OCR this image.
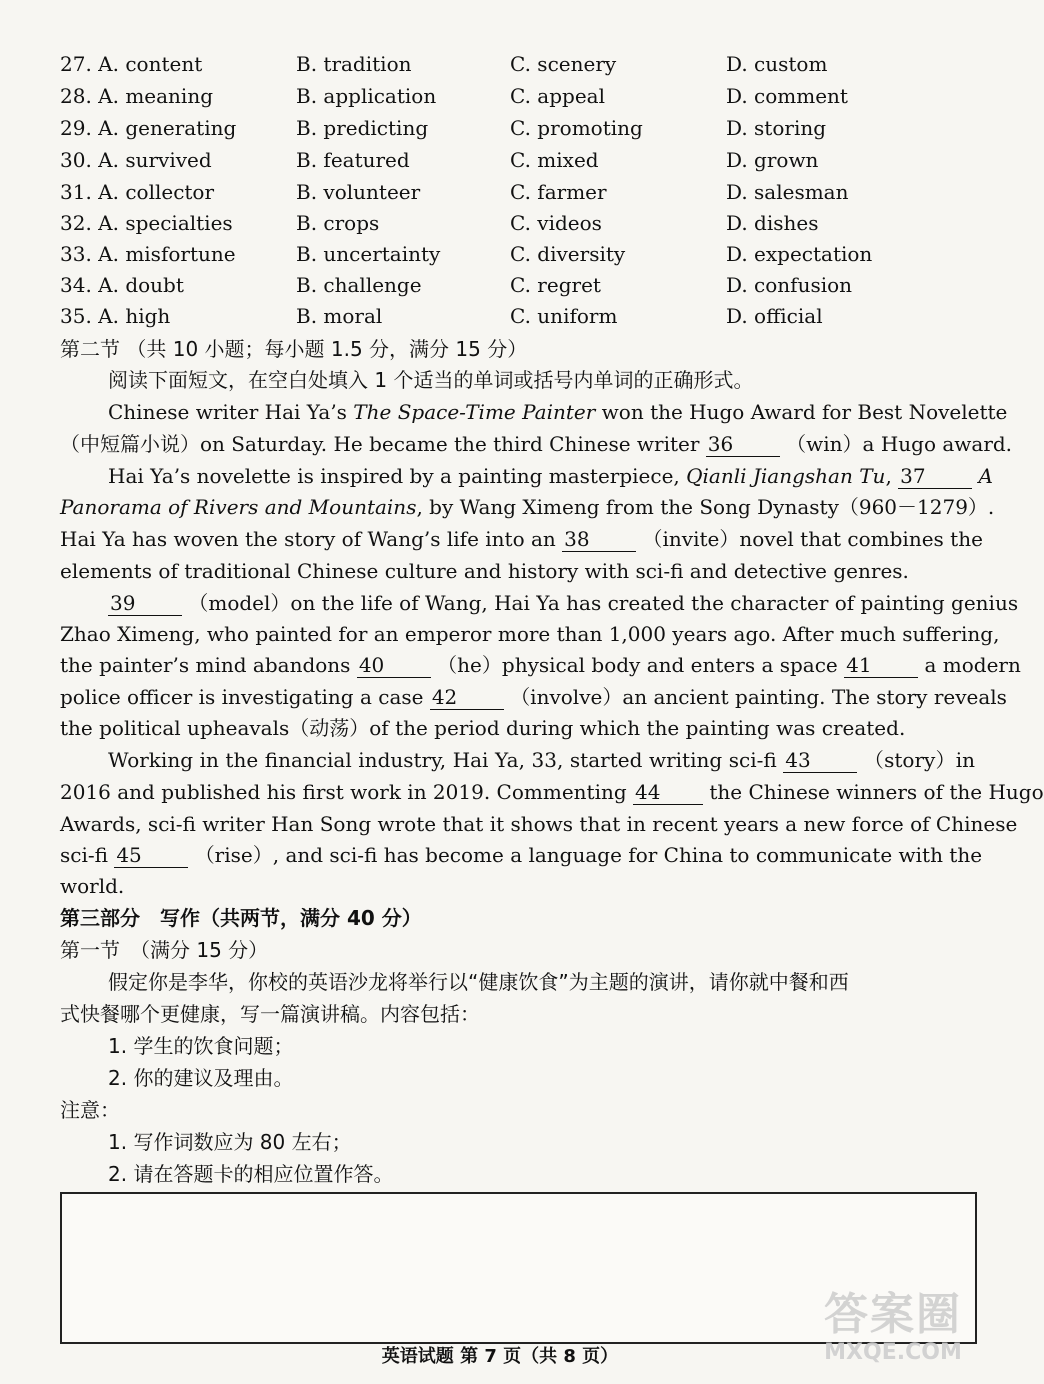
27. A. content	B. tradition	C. scenery	D. custom
28. A. meaning	B. application	C. appeal	D. comment
29. A. generating	B. predicting	C. promoting	D. storing
30. A. survived	B. featured	C. mixed	D. grown
31. A. collector	B. volunteer	C. farmer	D. salesman
32. A. specialties	B. crops	C. videos	D. dishes
33. A. misfortune	B. uncertainty	C. diversity	D. expectation
34. A. doubt	B. challenge	C. regret	D. confusion
35. A. high	B. moral	C. uniform	D. official
第二节 （共 10 小题；每小题 1.5 分，满分 15 分）
阅读下面短文，在空白处填入 1 个适当的单词或括号内单词的正确形式。
Chinese writer Hai Ya’s The Space-Time Painter won the Hugo Award for Best Novelette
（中短篇小说）on Saturday. He became the third Chinese writer 36	（win）a Hugo award.
Hai Ya’s novelette is inspired by a painting masterpiece, Qianli Jiangshan Tu, 37	A
Panorama of Rivers and Mountains, by Wang Ximeng from the Song Dynasty（960－1279）.
Hai Ya has woven the story of Wang’s life into an 38	（invite）novel that combines the
elements of traditional Chinese culture and history with sci-fi and detective genres.
39	（model）on the life of Wang, Hai Ya has created the character of painting genius
Zhao Ximeng, who painted for an emperor more than 1,000 years ago. After much suffering,
the painter’s mind abandons 40	（he）physical body and enters a space 41	a modern
police officer is investigating a case 42	（involve）an ancient painting. The story reveals
the political upheavals（动荡）of the period during which the painting was created.
Working in the financial industry, Hai Ya, 33, started writing sci-fi 43	（story）in
2016 and published his first work in 2019. Commenting 44 the Chinese winners of the Hugo
Awards, sci-fi writer Han Song wrote that it shows that in recent years a new force of Chinese
sci-fi 45	（rise）, and sci-fi has become a language for China to communicate with the
world.
第三部分　写作（共两节，满分 40 分）
第一节　（满分 15 分）
假定你是李华，你校的英语沙龙将举行以“健康饮食”为主题的演讲，请你就中餐和西
式快餐哪个更健康，写一篇演讲稿。内容包括：
1. 学生的饮食问题；
2. 你的建议及理由。
注意：
1. 写作词数应为 80 左右；
2. 请在答题卡的相应位置作答。
答案圈
MXQE.COM
英语试题 第 7 页（共 8 页）
